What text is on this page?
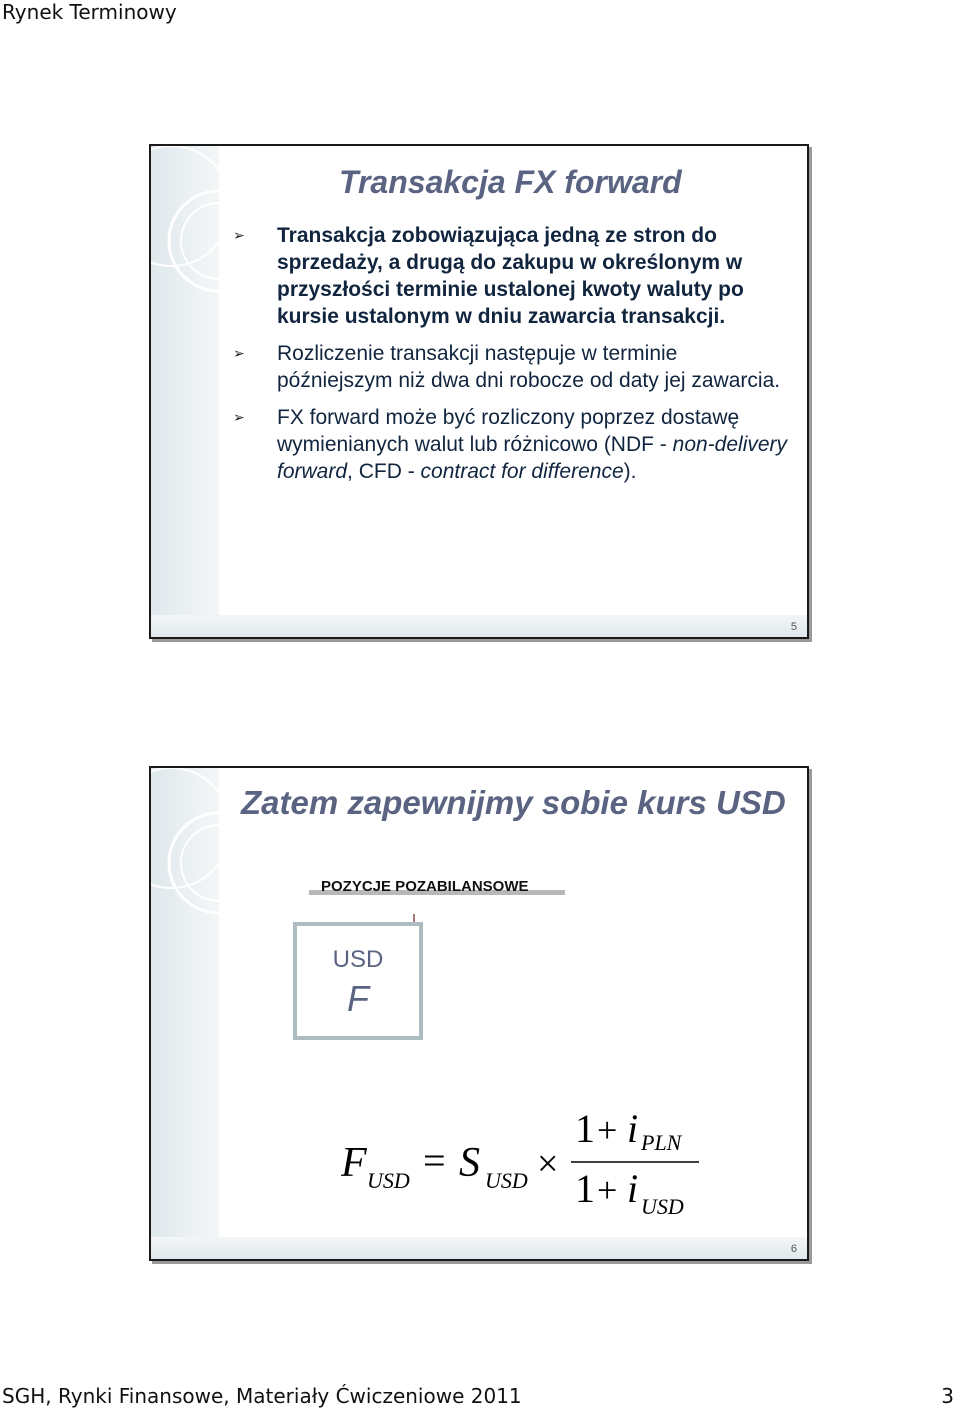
Rynek Terminowy
Transakcja FX forward
➢ Transakcja zobowiązująca jedną ze stron do sprzedaży, a drugą do zakupu w określonym w przyszłości terminie ustalonej kwoty waluty po kursie ustalonym w dniu zawarcia transakcji.
➢ Rozliczenie transakcji następuje w terminie późniejszym niż dwa dni robocze od daty jej zawarcia.
➢ FX forward może być rozliczony poprzez dostawę wymienianych walut lub różnicowo (NDF - non-delivery forward, CFD - contract for difference).
5
Zatem zapewnijmy sobie kurs USD
POZYCJE POZABILANSOWE
USD
F
F USD = S USD ×
1 + i PLN
1 + i USD
6
SGH, Rynki Finansowe, Materiały Ćwiczeniowe 2011	3
